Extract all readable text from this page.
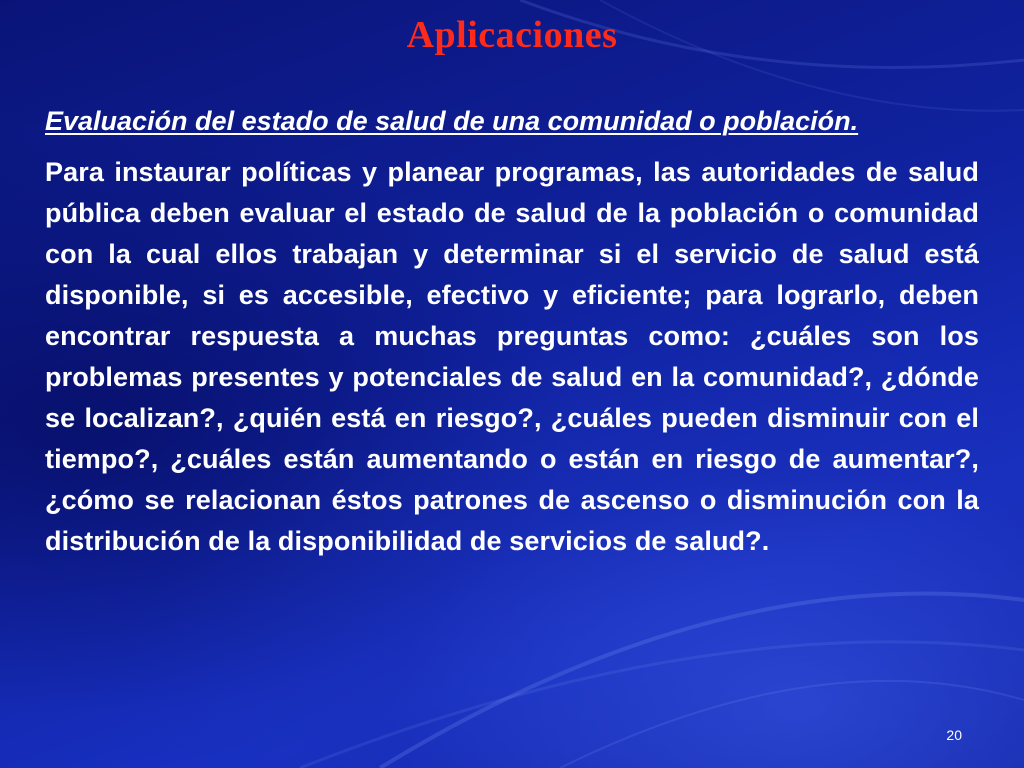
Aplicaciones

Evaluación del estado de salud de una comunidad o población.

Para instaurar políticas y planear programas, las autoridades de salud pública deben evaluar el estado de salud de la población o comunidad con la cual ellos trabajan y determinar si el servicio de salud está disponible, si es accesible, efectivo y eficiente; para lograrlo, deben encontrar respuesta a muchas preguntas como: ¿cuáles son los problemas presentes y potenciales de salud en la comunidad?, ¿dónde se localizan?, ¿quién está en riesgo?, ¿cuáles pueden disminuir con el tiempo?, ¿cuáles están aumentando o están en riesgo de aumentar?, ¿cómo se relacionan éstos patrones de ascenso o disminución con la distribución de la disponibilidad de servicios de salud?.

20
